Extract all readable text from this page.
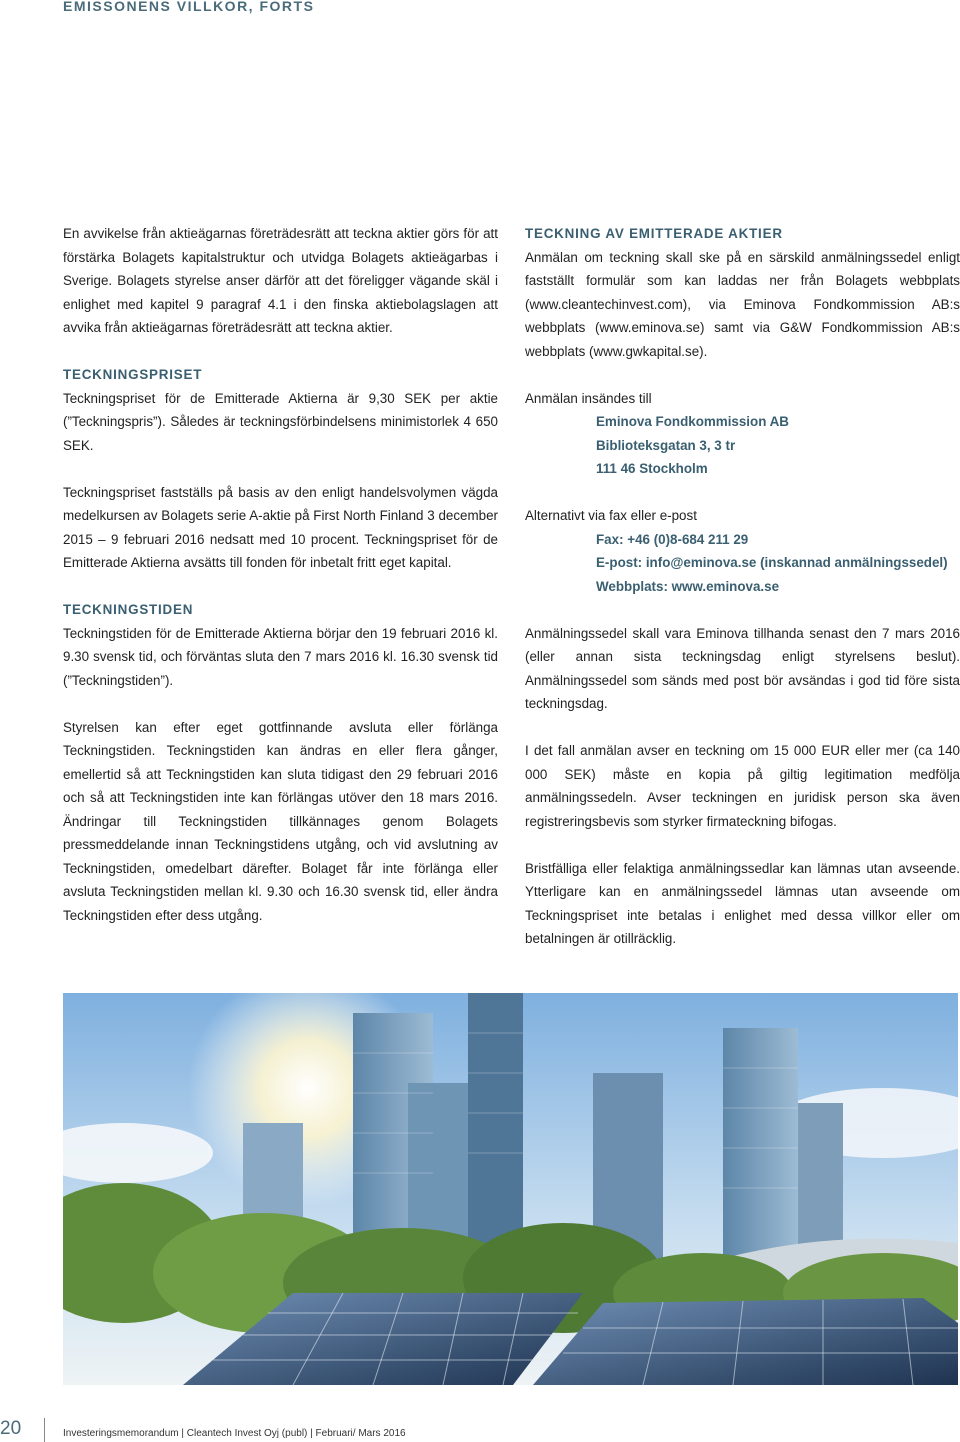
EMISSONENS VILLKOR, FORTS

En avvikelse från aktieägarnas företrädesrätt att teckna aktier görs för att förstärka Bolagets kapitalstruktur och utvidga Bolagets aktieägarbas i Sverige. Bolagets styrelse anser därför att det föreligger vägande skäl i enlighet med kapitel 9 paragraf 4.1 i den finska aktiebolagslagen att avvika från aktieägarnas företrädesrätt att teckna aktier.

TECKNINGSPRISET

Teckningspriset för de Emitterade Aktierna är 9,30 SEK per aktie (”Teckningspris”). Således är teckningsförbindelsens minimistorlek 4 650 SEK.

Teckningspriset fastställs på basis av den enligt handelsvolymen vägda medelkursen av Bolagets serie A-aktie på First North Finland 3 december 2015 – 9 februari 2016 nedsatt med 10 procent. Teckningspriset för de Emitterade Aktierna avsätts till fonden för inbetalt fritt eget kapital.

TECKNINGSTIDEN

Teckningstiden för de Emitterade Aktierna börjar den 19 februari 2016 kl. 9.30 svensk tid, och förväntas sluta den 7 mars 2016 kl. 16.30 svensk tid (”Teckningstiden”).

Styrelsen kan efter eget gottfinnande avsluta eller förlänga Teckningstiden. Teckningstiden kan ändras en eller flera gånger, emellertid så att Teckningstiden kan sluta tidigast den 29 februari 2016 och så att Teckningstiden inte kan förlängas utöver den 18 mars 2016. Ändringar till Teckningstiden tillkännages genom Bolagets pressmeddelande innan Teckningstidens utgång, och vid avslutning av Teckningstiden, omedelbart därefter. Bolaget får inte förlänga eller avsluta Teckningstiden mellan kl. 9.30 och 16.30 svensk tid, eller ändra Teckningstiden efter dess utgång.

TECKNING AV EMITTERADE AKTIER

Anmälan om teckning skall ske på en särskild anmälningssedel enligt fastställt formulär som kan laddas ner från Bolagets webbplats (www.cleantechinvest.com), via Eminova Fondkommission AB:s webbplats (www.eminova.se) samt via G&W Fondkommission AB:s webbplats (www.gwkapital.se).

Anmälan insändes till

Eminova Fondkommission AB
Biblioteksgatan 3, 3 tr
111 46 Stockholm

Alternativt via fax eller e-post

Fax: +46 (0)8-684 211 29
E-post: info@eminova.se (inskannad anmälningssedel)
Webbplats: www.eminova.se

Anmälningssedel skall vara Eminova tillhanda senast den 7 mars 2016 (eller annan sista teckningsdag enligt styrelsens beslut). Anmälningssedel som sänds med post bör avsändas i god tid före sista teckningsdag.

I det fall anmälan avser en teckning om 15 000 EUR eller mer (ca 140 000 SEK) måste en kopia på giltig legitimation medfölja anmälningssedeln. Avser teckningen en juridisk person ska även registreringsbevis som styrker firmateckning bifogas.

Bristfälliga eller felaktiga anmälningssedlar kan lämnas utan avseende. Ytterligare kan en anmälningssedel lämnas utan avseende om Teckningspriset inte betalas i enlighet med dessa villkor eller om betalningen är otillräcklig.

20	Investeringsmemorandum | Cleantech Invest Oyj (publ) | Februari/ Mars 2016
